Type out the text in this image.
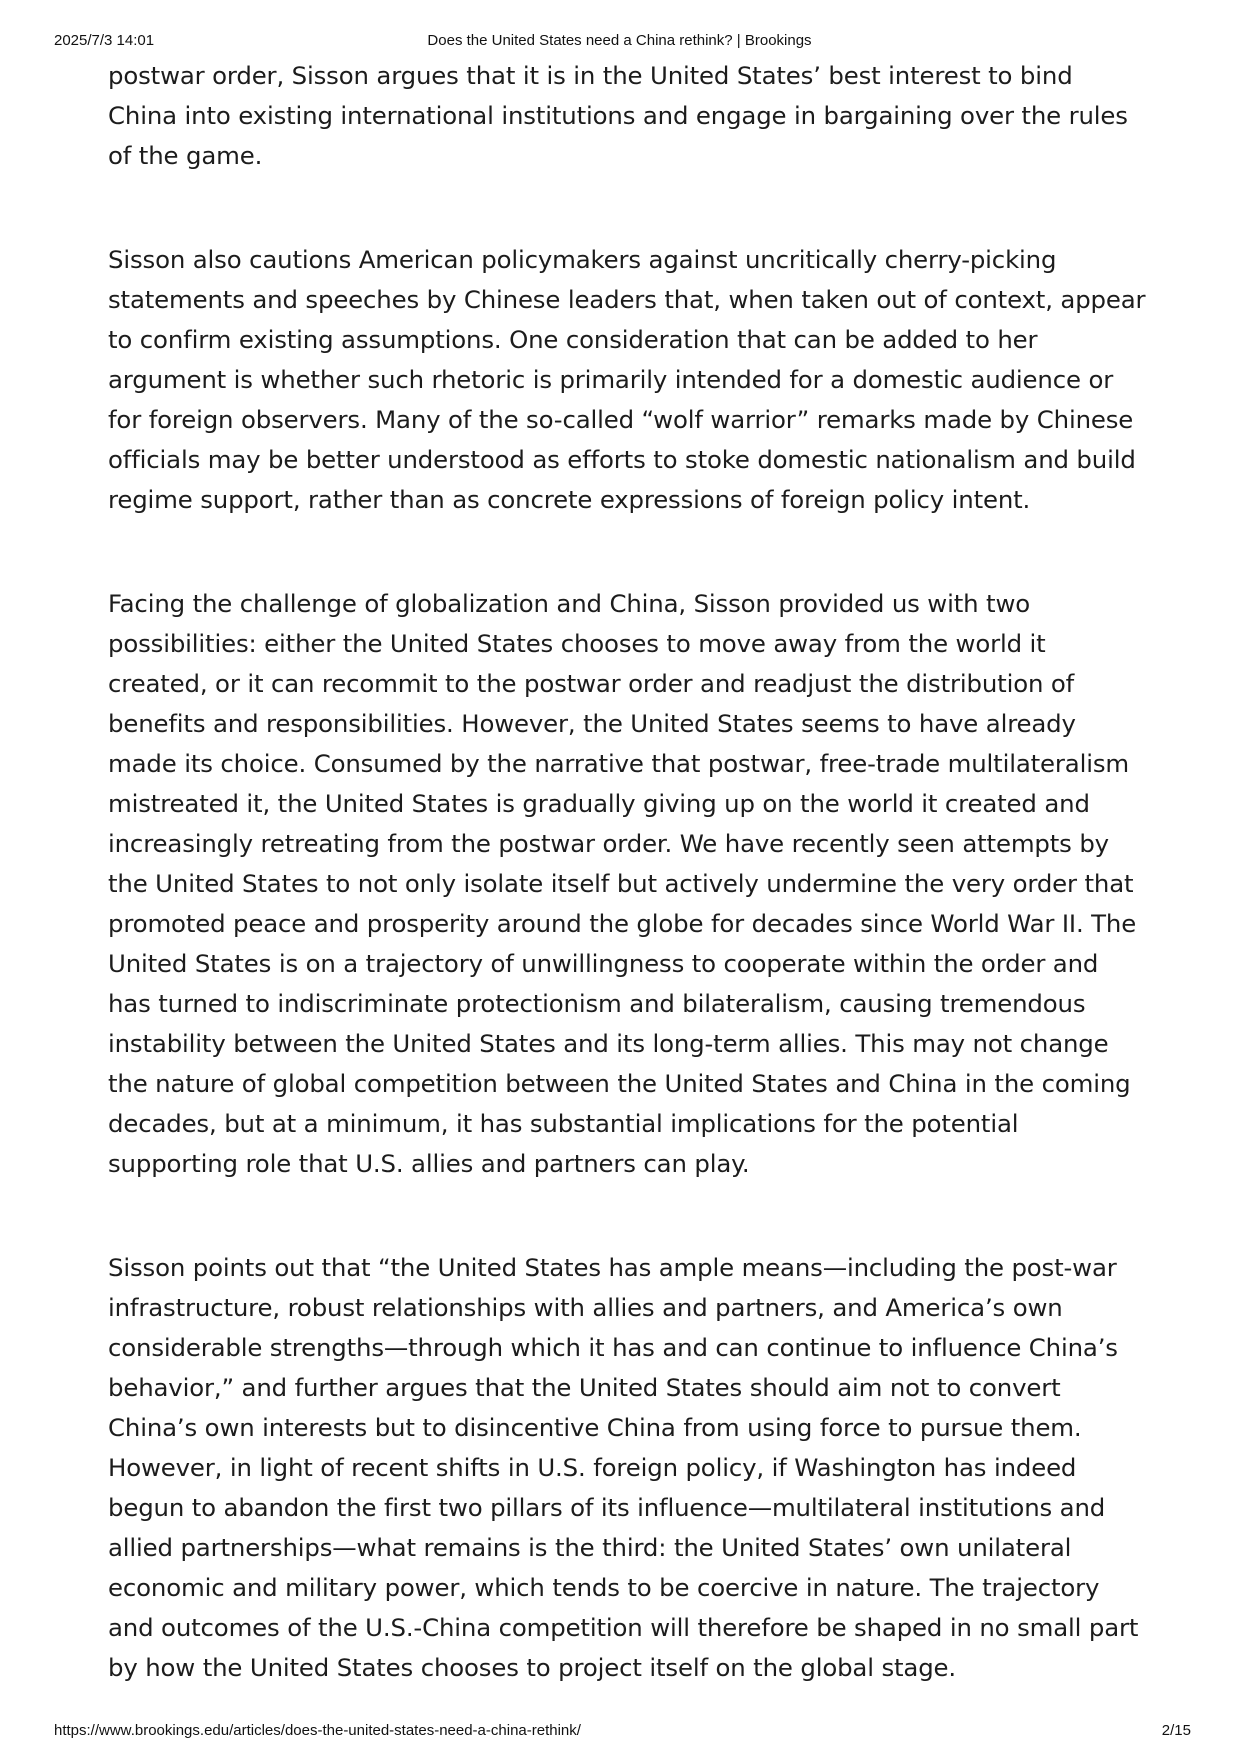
2025/7/3 14:01	Does the United States need a China rethink? | Brookings

postwar order, Sisson argues that it is in the United States’ best interest to bind China into existing international institutions and engage in bargaining over the rules of the game.

Sisson also cautions American policymakers against uncritically cherry-picking statements and speeches by Chinese leaders that, when taken out of context, appear to confirm existing assumptions. One consideration that can be added to her argument is whether such rhetoric is primarily intended for a domestic audience or for foreign observers. Many of the so-called “wolf warrior” remarks made by Chinese officials may be better understood as efforts to stoke domestic nationalism and build regime support, rather than as concrete expressions of foreign policy intent.

Facing the challenge of globalization and China, Sisson provided us with two possibilities: either the United States chooses to move away from the world it created, or it can recommit to the postwar order and readjust the distribution of benefits and responsibilities. However, the United States seems to have already made its choice. Consumed by the narrative that postwar, free-trade multilateralism mistreated it, the United States is gradually giving up on the world it created and increasingly retreating from the postwar order. We have recently seen attempts by the United States to not only isolate itself but actively undermine the very order that promoted peace and prosperity around the globe for decades since World War II. The United States is on a trajectory of unwillingness to cooperate within the order and has turned to indiscriminate protectionism and bilateralism, causing tremendous instability between the United States and its long-term allies. This may not change the nature of global competition between the United States and China in the coming decades, but at a minimum, it has substantial implications for the potential supporting role that U.S. allies and partners can play.

Sisson points out that “the United States has ample means—including the post-war infrastructure, robust relationships with allies and partners, and America’s own considerable strengths—through which it has and can continue to influence China’s behavior,” and further argues that the United States should aim not to convert China’s own interests but to disincentive China from using force to pursue them. However, in light of recent shifts in U.S. foreign policy, if Washington has indeed begun to abandon the first two pillars of its influence—multilateral institutions and allied partnerships—what remains is the third: the United States’ own unilateral economic and military power, which tends to be coercive in nature. The trajectory and outcomes of the U.S.-China competition will therefore be shaped in no small part by how the United States chooses to project itself on the global stage.

https://www.brookings.edu/articles/does-the-united-states-need-a-china-rethink/	2/15
